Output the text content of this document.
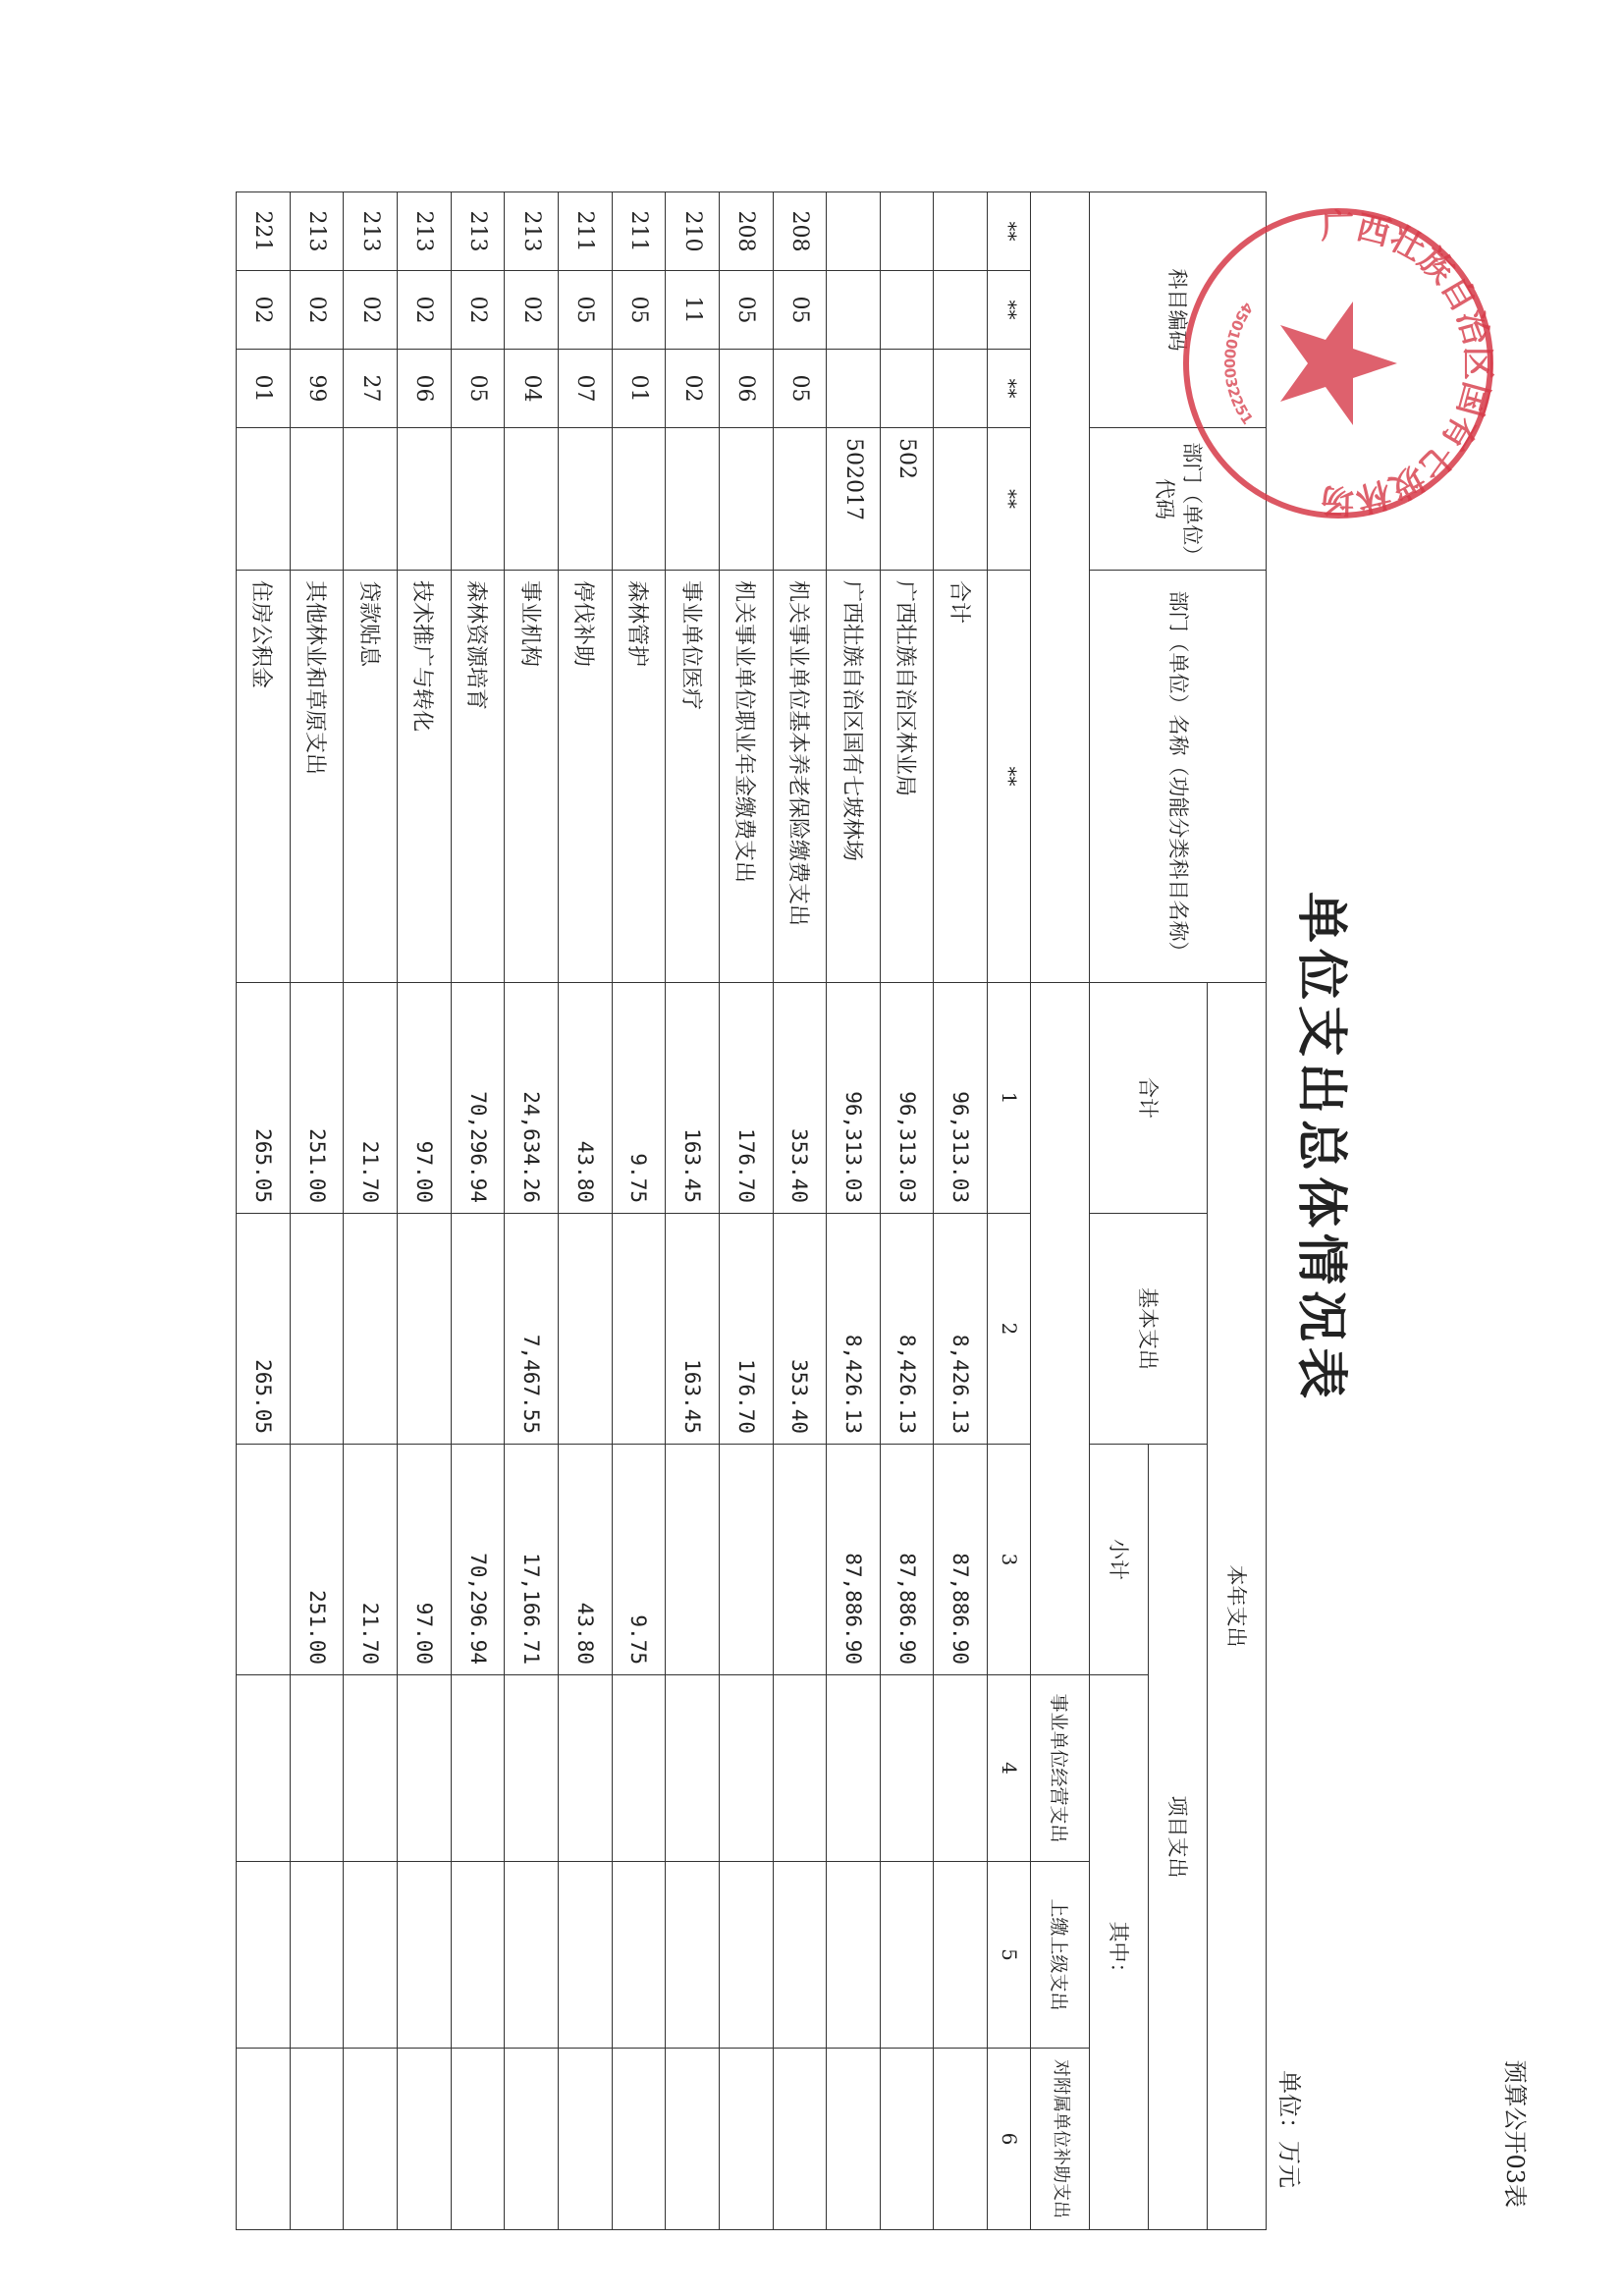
预算公开03表
单位支出总体情况表
单位：万元
科目编码			部门（单位）代码	部门（单位）名称（功能分类科目名称）	本年支出					
					合计	基本支出	项目支出			
							小计	其中：		
								事业单位经营支出	上缴上级支出	对附属单位补助支出
**	**	**	**	**	1	2	3	4	5	6
				合计	96,313.03	8,426.13	87,886.90			
			502	广西壮族自治区林业局	96,313.03	8,426.13	87,886.90			
			502017	广西壮族自治区国有七坡林场	96,313.03	8,426.13	87,886.90			
208	05	05		机关事业单位基本养老保险缴费支出	353.40	353.40				
208	05	06		机关事业单位职业年金缴费支出	176.70	176.70				
210	11	02		事业单位医疗	163.45	163.45				
211	05	01		森林管护	9.75		9.75			
211	05	07		停伐补助	43.80		43.80			
213	02	04		事业机构	24,634.26	7,467.55	17,166.71			
213	02	05		森林资源培育	70,296.94		70,296.94			
213	02	06		技术推广与转化	97.00		97.00			
213	02	27		贷款贴息	21.70		21.70			
213	02	99		其他林业和草原支出	251.00		251.00			
221	02	01		住房公积金	265.05	265.05				
广西壮族自治区国有七坡林场
4501000032251
